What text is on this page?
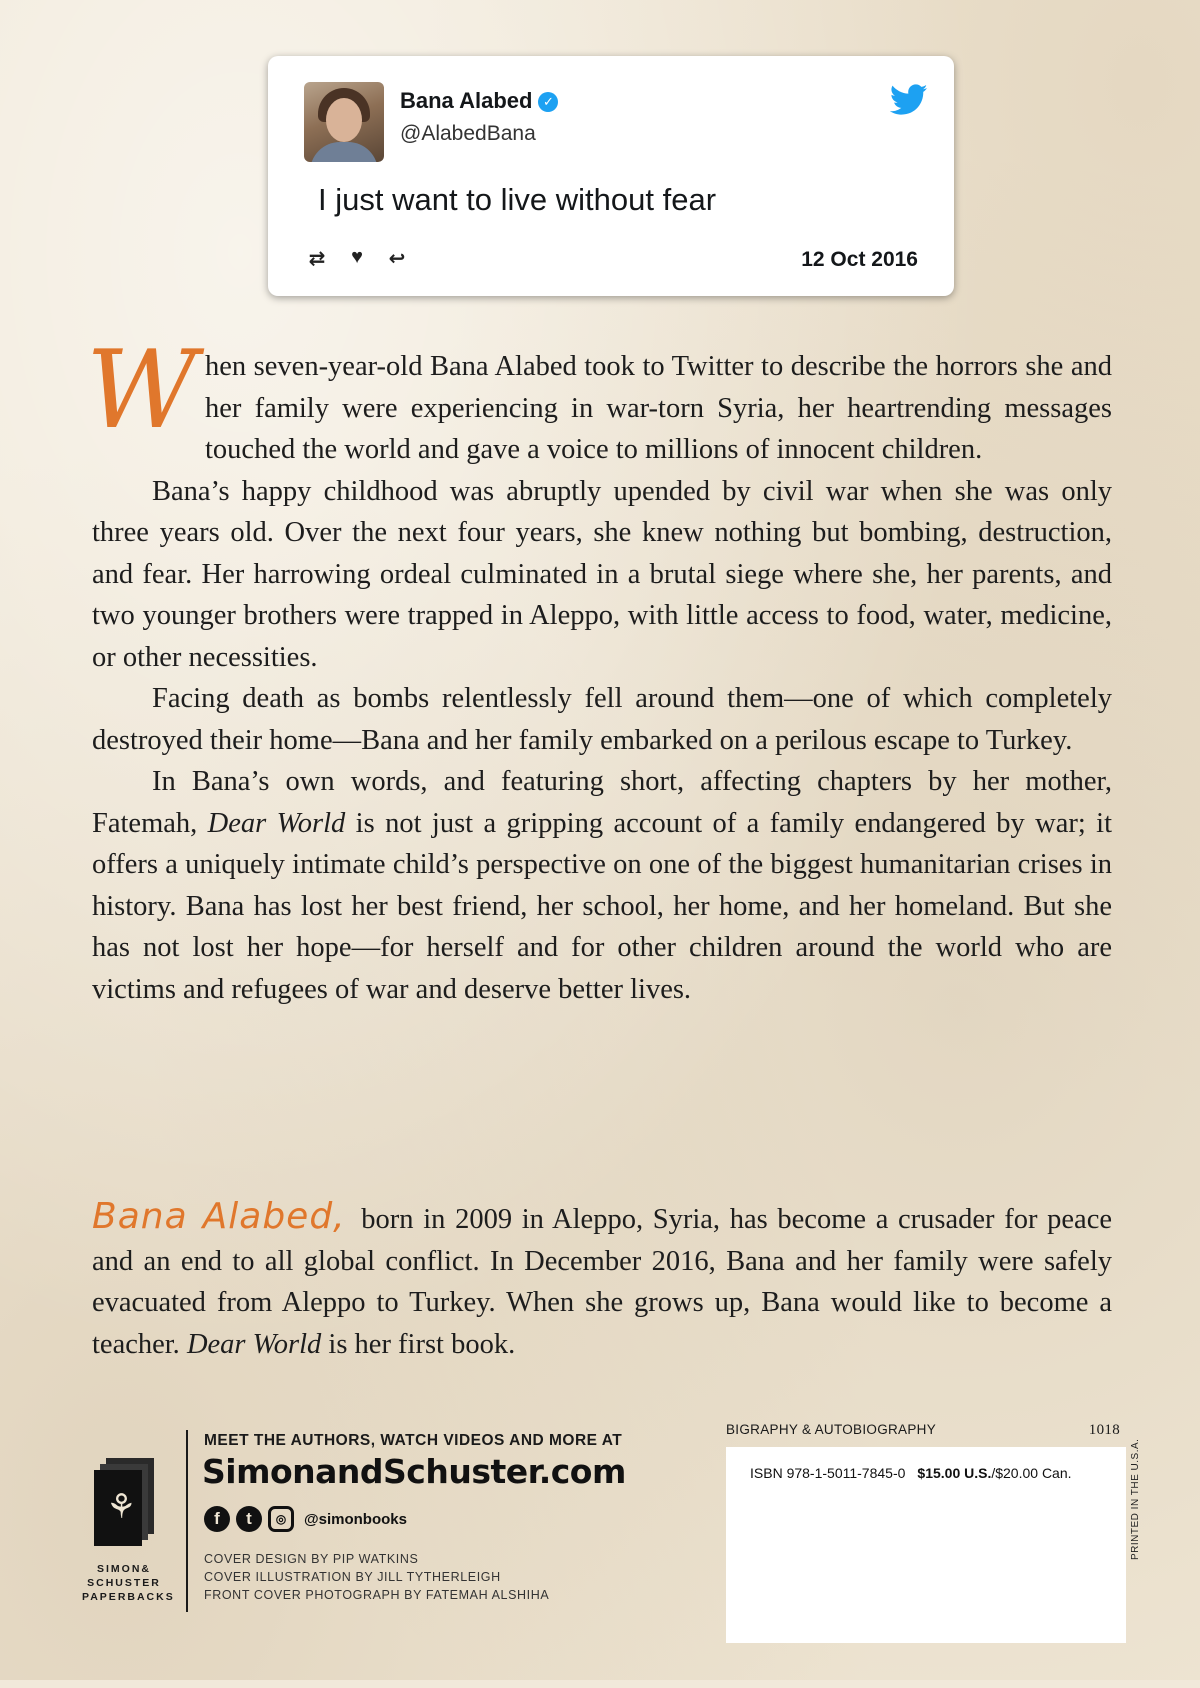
Bana Alabed ✓
@AlabedBana
I just want to live without fear
⇄	♥	↩	12 Oct 2016

When seven-year-old Bana Alabed took to Twitter to describe the horrors she and her family were experiencing in war-torn Syria, her heartrending messages touched the world and gave a voice to millions of innocent children.

Bana’s happy childhood was abruptly upended by civil war when she was only three years old. Over the next four years, she knew nothing but bombing, destruction, and fear. Her harrowing ordeal culminated in a brutal siege where she, her parents, and two younger brothers were trapped in Aleppo, with little access to food, water, medicine, or other necessities.

Facing death as bombs relentlessly fell around them—one of which completely destroyed their home—Bana and her family embarked on a perilous escape to Turkey.

In Bana’s own words, and featuring short, affecting chapters by her mother, Fatemah, Dear World is not just a gripping account of a family endangered by war; it offers a uniquely intimate child’s perspective on one of the biggest humanitarian crises in history. Bana has lost her best friend, her school, her home, and her homeland. But she has not lost her hope—for herself and for other children around the world who are victims and refugees of war and deserve better lives.

Bana Alabed, born in 2009 in Aleppo, Syria, has become a crusader for peace and an end to all global conflict. In December 2016, Bana and her family were safely evacuated from Aleppo to Turkey. When she grows up, Bana would like to become a teacher. Dear World is her first book.

⚘
SIMON&
SCHUSTER
PAPERBACKS
MEET THE AUTHORS, WATCH VIDEOS AND MORE AT
SimonandSchuster.com
f	t	◎	@simonbooks
COVER DESIGN BY PIP WATKINS
COVER ILLUSTRATION BY JILL TYTHERLEIGH
FRONT COVER PHOTOGRAPH BY FATEMAH ALSHIHA
BIGRAPHY & AUTOBIOGRAPHY	1018
ISBN 978-1-5011-7845-0 $15.00 U.S./$20.00 Can.	PRINTED IN THE U.S.A.
